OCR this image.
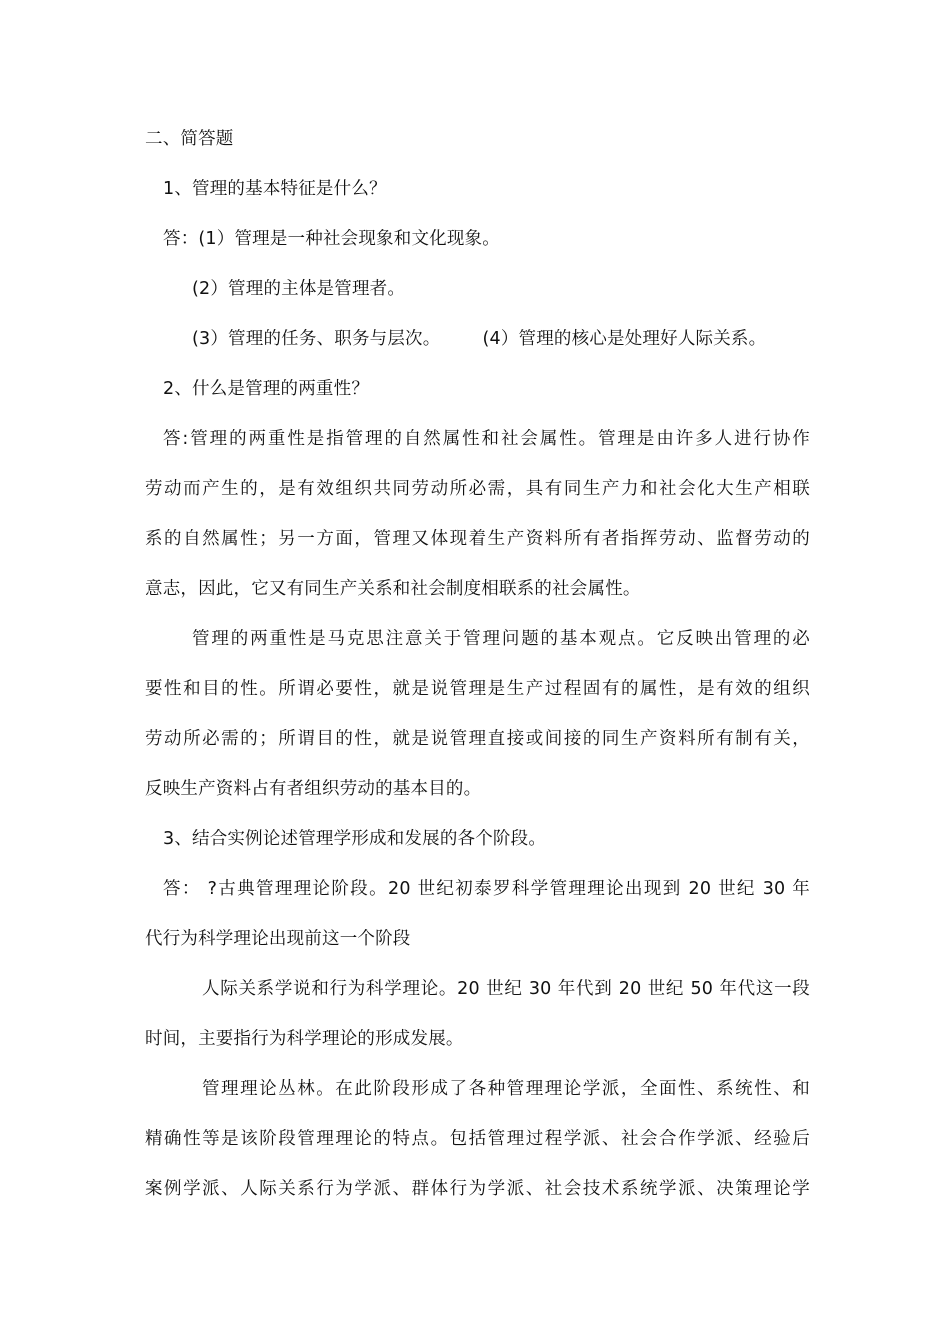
二、简答题
1、管理的基本特征是什么？
答：(1）管理是一种社会现象和文化现象。
(2）管理的主体是管理者。
(3）管理的任务、职务与层次。 (4）管理的核心是处理好人际关系。
2、什么是管理的两重性？
答:管理的两重性是指管理的自然属性和社会属性。管理是由许多人进行协作
劳动而产生的，是有效组织共同劳动所必需，具有同生产力和社会化大生产相联
系的自然属性；另一方面，管理又体现着生产资料所有者指挥劳动、监督劳动的
意志，因此，它又有同生产关系和社会制度相联系的社会属性。
管理的两重性是马克思注意关于管理问题的基本观点。它反映出管理的必
要性和目的性。所谓必要性，就是说管理是生产过程固有的属性，是有效的组织
劳动所必需的；所谓目的性，就是说管理直接或间接的同生产资料所有制有关，
反映生产资料占有者组织劳动的基本目的。
3、结合实例论述管理学形成和发展的各个阶段。
答： ?古典管理理论阶段。20 世纪初泰罗科学管理理论出现到 20 世纪 30 年
代行为科学理论出现前这一个阶段
人际关系学说和行为科学理论。20 世纪 30 年代到 20 世纪 50 年代这一段
时间，主要指行为科学理论的形成发展。
管理理论丛林。在此阶段形成了各种管理理论学派，全面性、系统性、和
精确性等是该阶段管理理论的特点。包括管理过程学派、社会合作学派、经验后
案例学派、人际关系行为学派、群体行为学派、社会技术系统学派、决策理论学
